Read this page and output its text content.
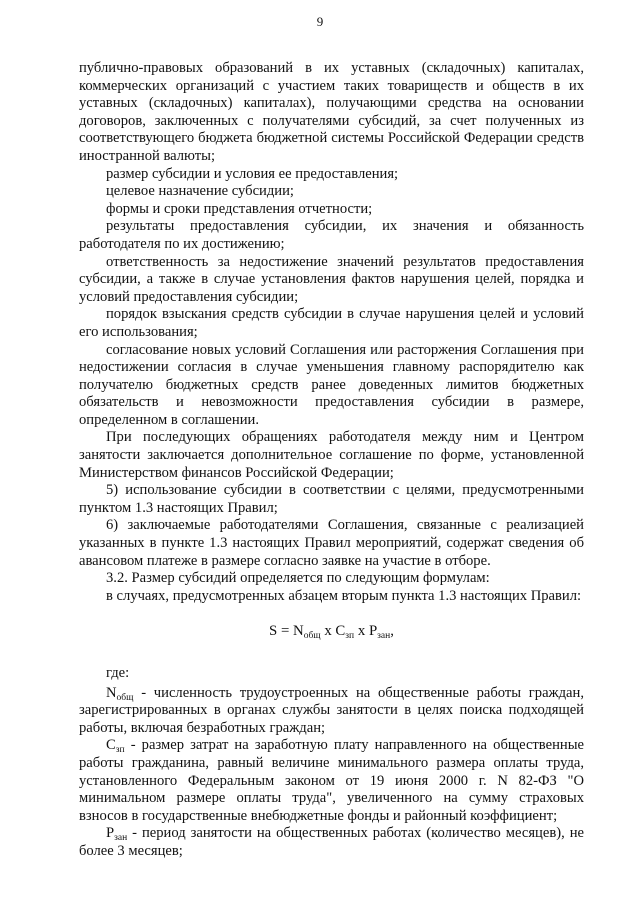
9

публично-правовых образований в их уставных (складочных) капиталах, коммерческих организаций с участием таких товариществ и обществ в их уставных (складочных) капиталах), получающими средства на основании договоров, заключенных с получателями субсидий, за счет полученных из соответствующего бюджета бюджетной системы Российской Федерации средств иностранной валюты;

размер субсидии и условия ее предоставления;

целевое назначение субсидии;

формы и сроки представления отчетности;

результаты предоставления субсидии, их значения и обязанность работодателя по их достижению;

ответственность за недостижение значений результатов предоставления субсидии, а также в случае установления фактов нарушения целей, порядка и условий предоставления субсидии;

порядок взыскания средств субсидии в случае нарушения целей и условий его использования;

согласование новых условий Соглашения или расторжения Соглашения при недостижении согласия в случае уменьшения главному распорядителю как получателю бюджетных средств ранее доведенных лимитов бюджетных обязательств и невозможности предоставления субсидии в размере, определенном в соглашении.

При последующих обращениях работодателя между ним и Центром занятости заключается дополнительное соглашение по форме, установленной Министерством финансов Российской Федерации;

5) использование субсидии в соответствии с целями, предусмотренными пунктом 1.3 настоящих Правил;

6) заключаемые работодателями Соглашения, связанные с реализацией указанных в пункте 1.3 настоящих Правил мероприятий, содержат сведения об авансовом платеже в размере согласно заявке на участие в отборе.

3.2. Размер субсидий определяется по следующим формулам:

в случаях, предусмотренных абзацем вторым пункта 1.3 настоящих Правил:

$S = N_{общ}$ x $C_{зп}$ x $P_{зан}$,

где:

$N_{общ}$ - численность трудоустроенных на общественные работы граждан, зарегистрированных в органах службы занятости в целях поиска подходящей работы, включая безработных граждан;

$C_{зп}$ - размер затрат на заработную плату направленного на общественные работы гражданина, равный величине минимального размера оплаты труда, установленного Федеральным законом от 19 июня 2000 г. N 82-ФЗ "О минимальном размере оплаты труда", увеличенного на сумму страховых взносов в государственные внебюджетные фонды и районный коэффициент;

$P_{зан}$ - период занятости на общественных работах (количество месяцев), не более 3 месяцев;
